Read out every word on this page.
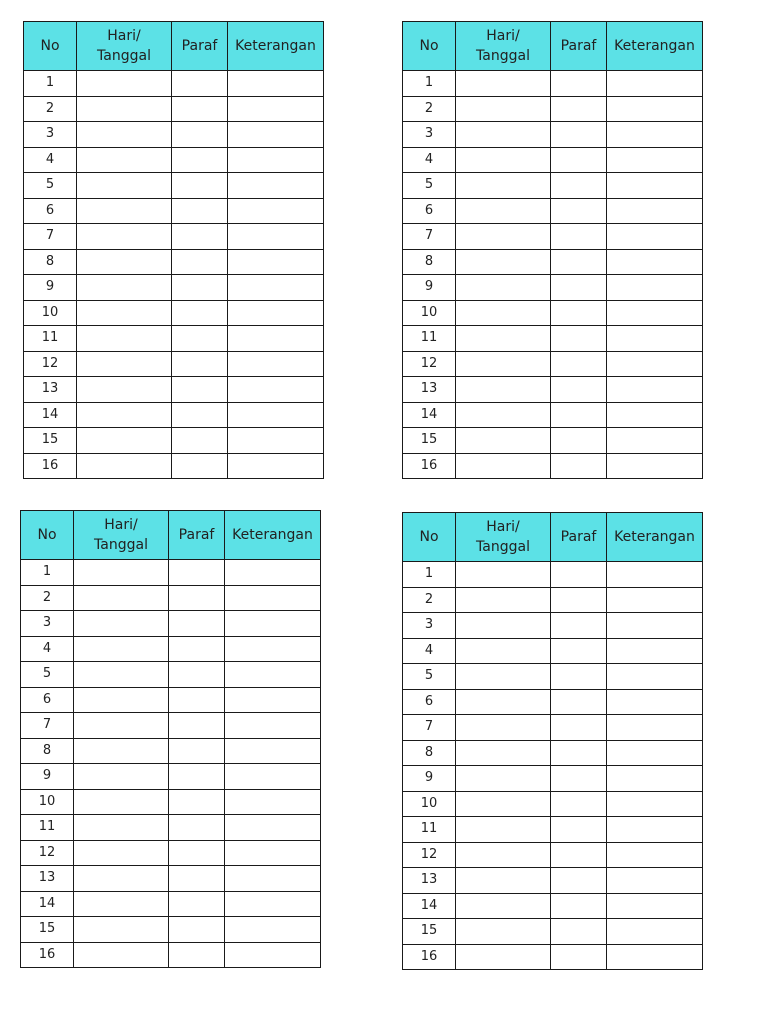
No	Hari/
Tanggal	Paraf	Keterangan
1			
2			
3			
4			
5			
6			
7			
8			
9			
10			
11			
12			
13			
14			
15			
16			
No	Hari/
Tanggal	Paraf	Keterangan
1			
2			
3			
4			
5			
6			
7			
8			
9			
10			
11			
12			
13			
14			
15			
16			
No	Hari/
Tanggal	Paraf	Keterangan
1			
2			
3			
4			
5			
6			
7			
8			
9			
10			
11			
12			
13			
14			
15			
16			
No	Hari/
Tanggal	Paraf	Keterangan
1			
2			
3			
4			
5			
6			
7			
8			
9			
10			
11			
12			
13			
14			
15			
16			
